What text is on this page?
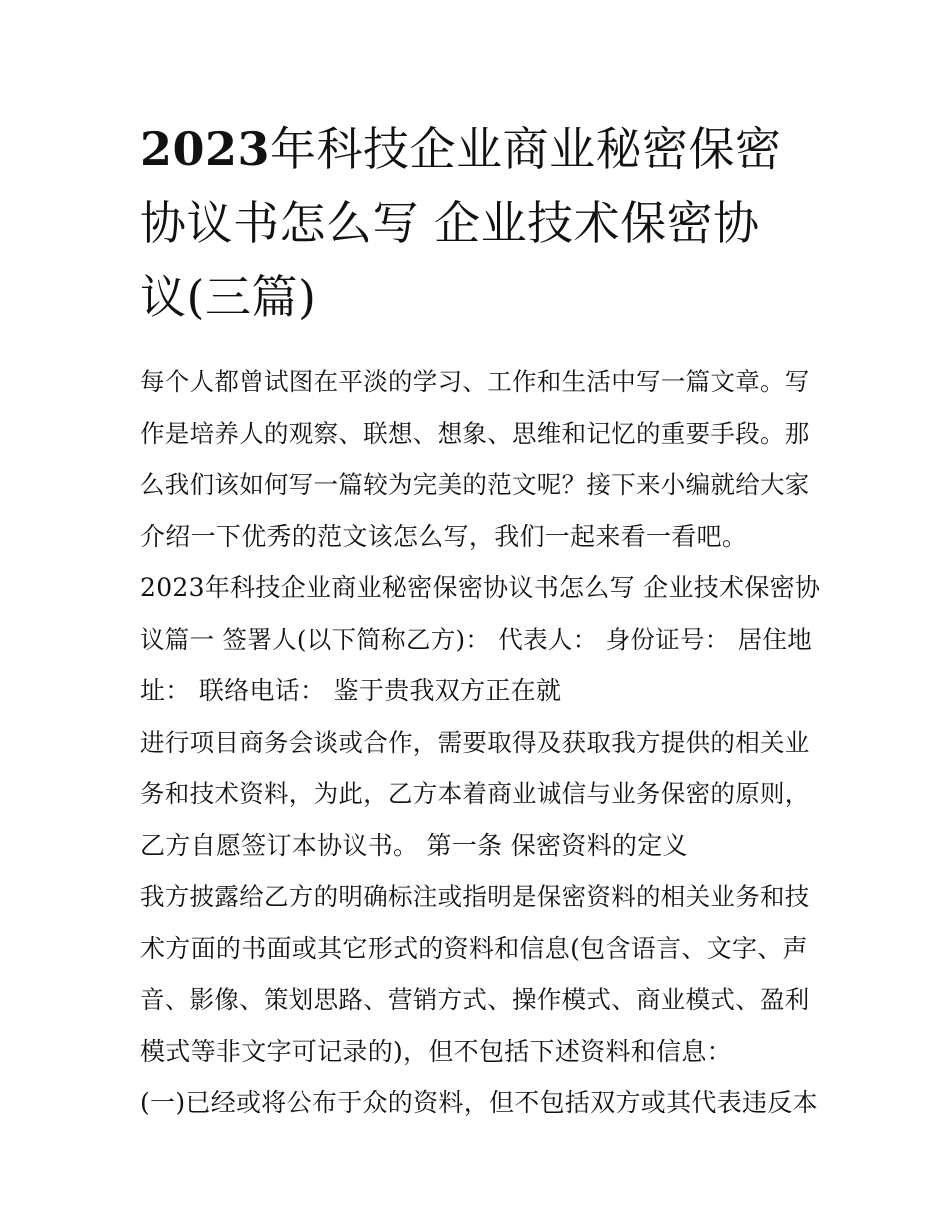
2023年科技企业商业秘密保密
协议书怎么写 企业技术保密协
议(三篇)

每个人都曾试图在平淡的学习、工作和生活中写一篇文章。写
作是培养人的观察、联想、想象、思维和记忆的重要手段。那
么我们该如何写一篇较为完美的范文呢？接下来小编就给大家
介绍一下优秀的范文该怎么写，我们一起来看一看吧。

2023年科技企业商业秘密保密协议书怎么写 企业技术保密协
议篇一 签署人(以下简称乙方)： 代表人： 身份证号： 居住地
址： 联络电话： 鉴于贵我双方正在就

进行项目商务会谈或合作，需要取得及获取我方提供的相关业
务和技术资料，为此，乙方本着商业诚信与业务保密的原则，
乙方自愿签订本协议书。 第一条 保密资料的定义

我方披露给乙方的明确标注或指明是保密资料的相关业务和技
术方面的书面或其它形式的资料和信息(包含语言、文字、声
音、影像、策划思路、营销方式、操作模式、商业模式、盈利
模式等非文字可记录的)，但不包括下述资料和信息：

(一)已经或将公布于众的资料，但不包括双方或其代表违反本
